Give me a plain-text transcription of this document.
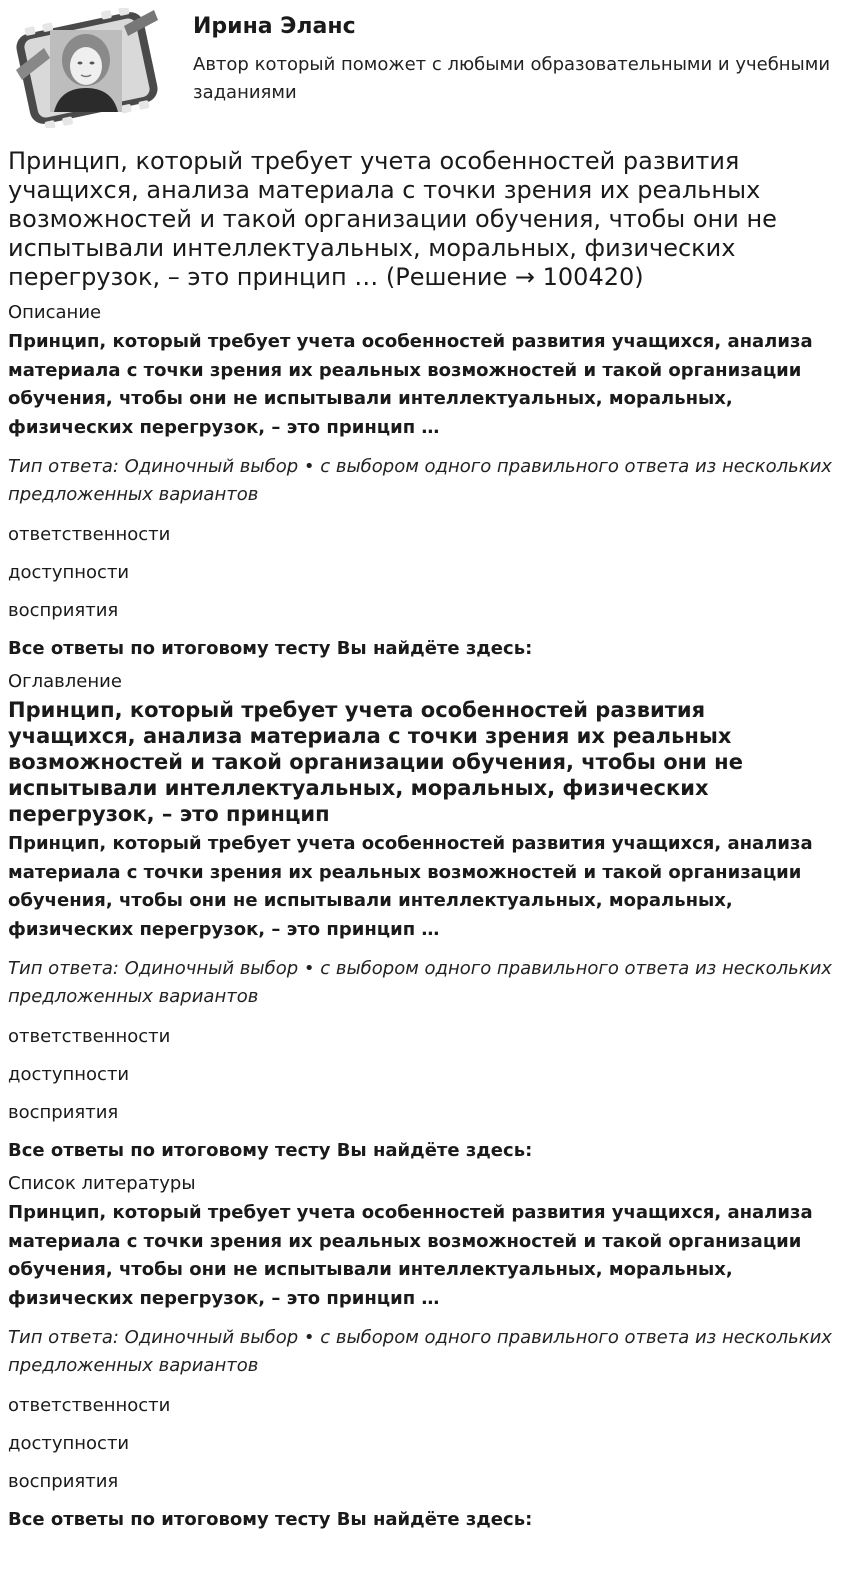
Ирина Эланс
Автор который поможет с любыми образовательными и учебными заданиями
Принцип, который требует учета особенностей развития учащихся, анализа материала с точки зрения их реальных возможностей и такой организации обучения, чтобы они не испытывали интеллектуальных, моральных, физических перегрузок, – это принцип … (Решение → 100420)
Описание
Принцип, который требует учета особенностей развития учащихся, анализа материала с точки зрения их реальных возможностей и такой организации обучения, чтобы они не испытывали интеллектуальных, моральных, физических перегрузок, – это принцип …
Тип ответа: Одиночный выбор • с выбором одного правильного ответа из нескольких предложенных вариантов
ответственности
доступности
восприятия
Все ответы по итоговому тесту Вы найдёте здесь:
Оглавление
Принцип, который требует учета особенностей развития учащихся, анализа материала с точки зрения их реальных возможностей и такой организации обучения, чтобы они не испытывали интеллектуальных, моральных, физических перегрузок, – это принцип
Принцип, который требует учета особенностей развития учащихся, анализа материала с точки зрения их реальных возможностей и такой организации обучения, чтобы они не испытывали интеллектуальных, моральных, физических перегрузок, – это принцип …
Тип ответа: Одиночный выбор • с выбором одного правильного ответа из нескольких предложенных вариантов
ответственности
доступности
восприятия
Все ответы по итоговому тесту Вы найдёте здесь:
Список литературы
Принцип, который требует учета особенностей развития учащихся, анализа материала с точки зрения их реальных возможностей и такой организации обучения, чтобы они не испытывали интеллектуальных, моральных, физических перегрузок, – это принцип …
Тип ответа: Одиночный выбор • с выбором одного правильного ответа из нескольких предложенных вариантов
ответственности
доступности
восприятия
Все ответы по итоговому тесту Вы найдёте здесь:
